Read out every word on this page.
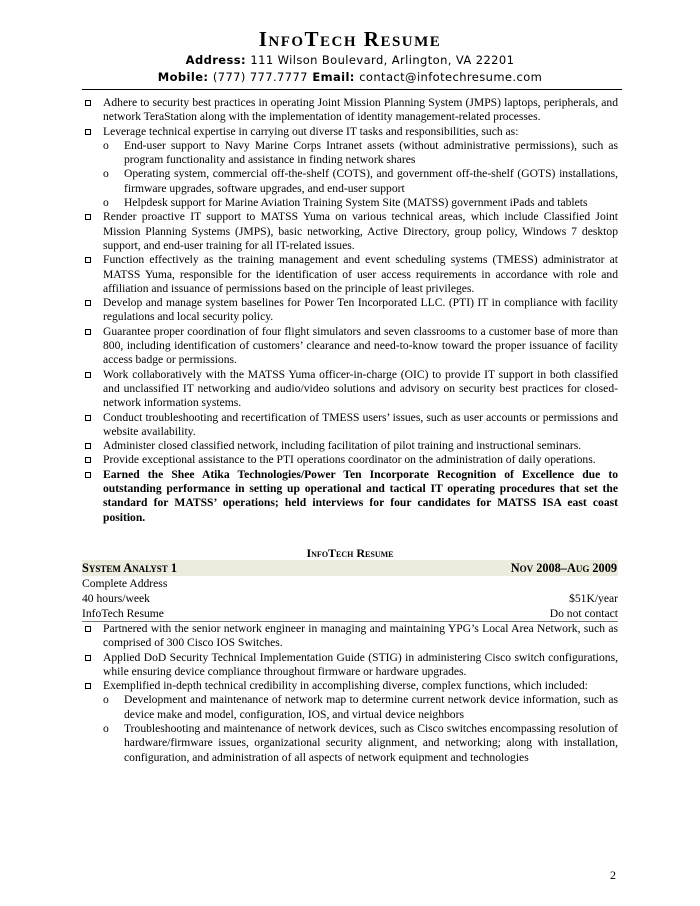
InfoTech Resume
Address: 111 Wilson Boulevard, Arlington, VA 22201
Mobile: (777) 777.7777 Email: contact@infotechresume.com
Adhere to security best practices in operating Joint Mission Planning System (JMPS) laptops, peripherals, and network TeraStation along with the implementation of identity management-related processes.
Leverage technical expertise in carrying out diverse IT tasks and responsibilities, such as:
o End-user support to Navy Marine Corps Intranet assets (without administrative permissions), such as program functionality and assistance in finding network shares
o Operating system, commercial off-the-shelf (COTS), and government off-the-shelf (GOTS) installations, firmware upgrades, software upgrades, and end-user support
o Helpdesk support for Marine Aviation Training System Site (MATSS) government iPads and tablets
Render proactive IT support to MATSS Yuma on various technical areas, which include Classified Joint Mission Planning Systems (JMPS), basic networking, Active Directory, group policy, Windows 7 desktop support, and end-user training for all IT-related issues.
Function effectively as the training management and event scheduling systems (TMESS) administrator at MATSS Yuma, responsible for the identification of user access requirements in accordance with role and affiliation and issuance of permissions based on the principle of least privileges.
Develop and manage system baselines for Power Ten Incorporated LLC. (PTI) IT in compliance with facility regulations and local security policy.
Guarantee proper coordination of four flight simulators and seven classrooms to a customer base of more than 800, including identification of customers’ clearance and need-to-know toward the proper issuance of facility access badge or permissions.
Work collaboratively with the MATSS Yuma officer-in-charge (OIC) to provide IT support in both classified and unclassified IT networking and audio/video solutions and advisory on security best practices for closed-network information systems.
Conduct troubleshooting and recertification of TMESS users’ issues, such as user accounts or permissions and website availability.
Administer closed classified network, including facilitation of pilot training and instructional seminars.
Provide exceptional assistance to the PTI operations coordinator on the administration of daily operations.
Earned the Shee Atika Technologies/Power Ten Incorporate Recognition of Excellence due to outstanding performance in setting up operational and tactical IT operating procedures that set the standard for MATSS’ operations; held interviews for four candidates for MATSS ISA east coast position.
InfoTech Resume
System Analyst 1	Nov 2008–Aug 2009
Complete Address
40 hours/week	$51K/year
InfoTech Resume	Do not contact
Partnered with the senior network engineer in managing and maintaining YPG’s Local Area Network, such as comprised of 300 Cisco IOS Switches.
Applied DoD Security Technical Implementation Guide (STIG) in administering Cisco switch configurations, while ensuring device compliance throughout firmware or hardware upgrades.
Exemplified in-depth technical credibility in accomplishing diverse, complex functions, which included:
o Development and maintenance of network map to determine current network device information, such as device make and model, configuration, IOS, and virtual device neighbors
o Troubleshooting and maintenance of network devices, such as Cisco switches encompassing resolution of hardware/firmware issues, organizational security alignment, and networking; along with installation, configuration, and administration of all aspects of network equipment and technologies
2
